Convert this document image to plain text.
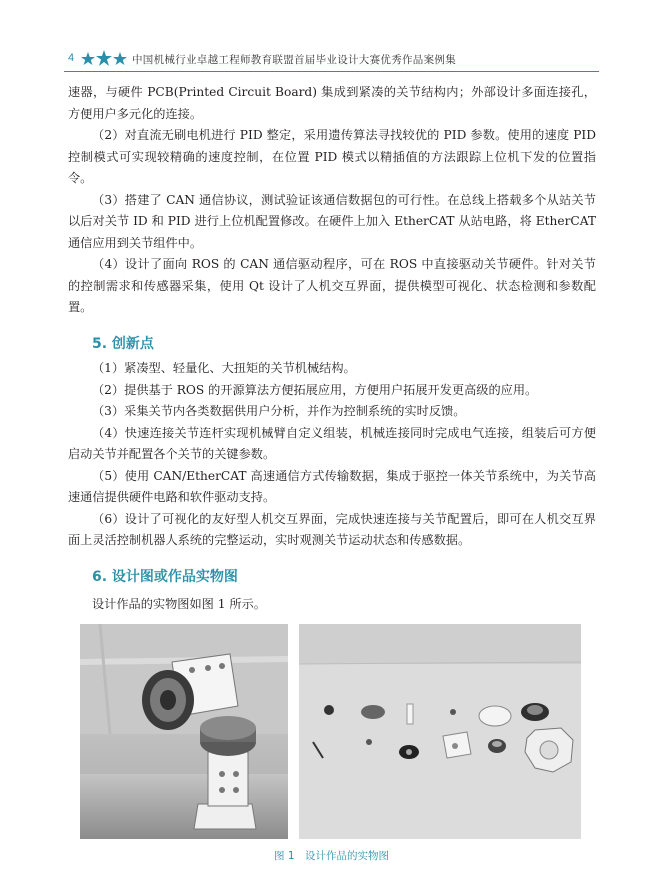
4	中国机械行业卓越工程师教育联盟首届毕业设计大赛优秀作品案例集

速器，与硬件 PCB(Printed Circuit Board) 集成到紧凑的关节结构内；外部设计多面连接孔，方便用户多元化的连接。

（2）对直流无刷电机进行 PID 整定，采用遗传算法寻找较优的 PID 参数。使用的速度 PID 控制模式可实现较精确的速度控制，在位置 PID 模式以精插值的方法跟踪上位机下发的位置指令。

（3）搭建了 CAN 通信协议，测试验证该通信数据包的可行性。在总线上搭载多个从站关节以后对关节 ID 和 PID 进行上位机配置修改。在硬件上加入 EtherCAT 从站电路，将 EtherCAT 通信应用到关节组件中。

（4）设计了面向 ROS 的 CAN 通信驱动程序，可在 ROS 中直接驱动关节硬件。针对关节的控制需求和传感器采集，使用 Qt 设计了人机交互界面，提供模型可视化、状态检测和参数配置。

5. 创新点

（1）紧凑型、轻量化、大扭矩的关节机械结构。

（2）提供基于 ROS 的开源算法方便拓展应用，方便用户拓展开发更高级的应用。

（3）采集关节内各类数据供用户分析，并作为控制系统的实时反馈。

（4）快速连接关节连杆实现机械臂自定义组装，机械连接同时完成电气连接，组装后可方便启动关节并配置各个关节的关键参数。

（5）使用 CAN/EtherCAT 高速通信方式传输数据，集成于驱控一体关节系统中，为关节高速通信提供硬件电路和软件驱动支持。

（6）设计了可视化的友好型人机交互界面，完成快速连接与关节配置后，即可在人机交互界面上灵活控制机器人系统的完整运动，实时观测关节运动状态和传感数据。

6. 设计图或作品实物图

设计作品的实物图如图 1 所示。

图 1　设计作品的实物图
